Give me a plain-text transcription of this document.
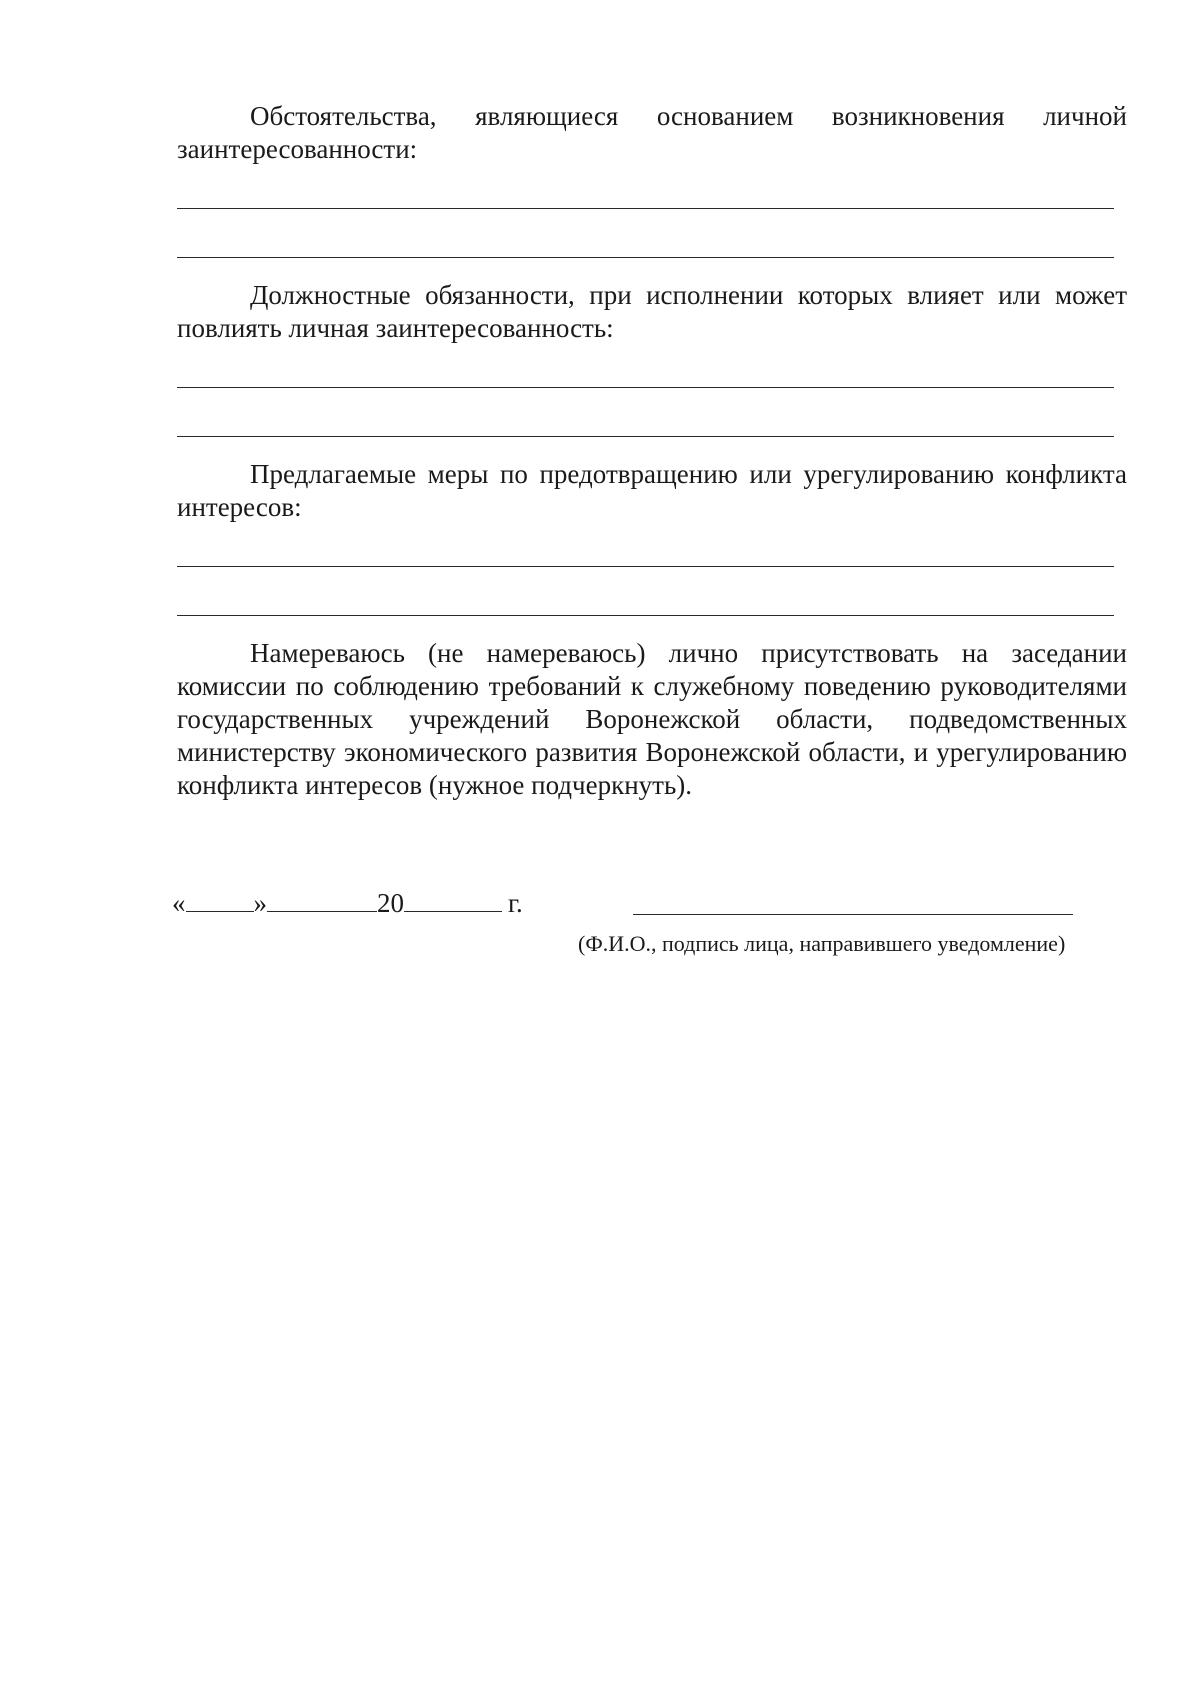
Обстоятельства, являющиеся основанием возникновения личной заинтересованности:

Должностные обязанности, при исполнении которых влияет или может повлиять личная заинтересованность:

Предлагаемые меры по предотвращению или урегулированию конфликта интересов:

Намереваюсь (не намереваюсь) лично присутствовать на заседании комиссии по соблюдению требований к служебному поведению руководителями государственных учреждений Воронежской области, подведомственных министерству экономического развития Воронежской области, и урегулированию конфликта интересов (нужное подчеркнуть).

«	»	20	г.
(Ф.И.О., подпись лица, направившего уведомление)
